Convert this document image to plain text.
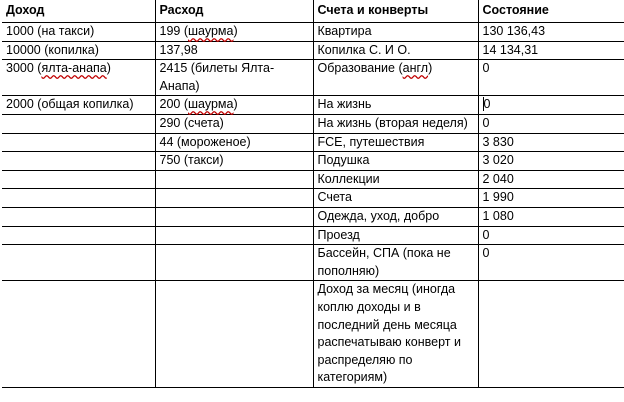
Доход	Расход	Счета и конверты	Состояние
1000 (на такси)	199 (шаурма)	Квартира	130 136,43
10000 (копилка)	137,98	Копилка С. И О.	14 134,31
3000 (ялта-анапа)	2415 (билеты Ялта-Анапа)	Образование (англ)	0
2000 (общая копилка)	200 (шаурма)	На жизнь	0
	290 (счета)	На жизнь (вторая неделя)	0
	44 (мороженое)	FCE, путешествия	3 830
	750 (такси)	Подушка	3 020
		Коллекции	2 040
		Счета	1 990
		Одежда, уход, добро	1 080
		Проезд	0
		Бассейн, СПА (пока не пополняю)	0
		Доход за месяц (иногда коплю доходы и в последний день месяца распечатываю конверт и распределяю по категориям)	
